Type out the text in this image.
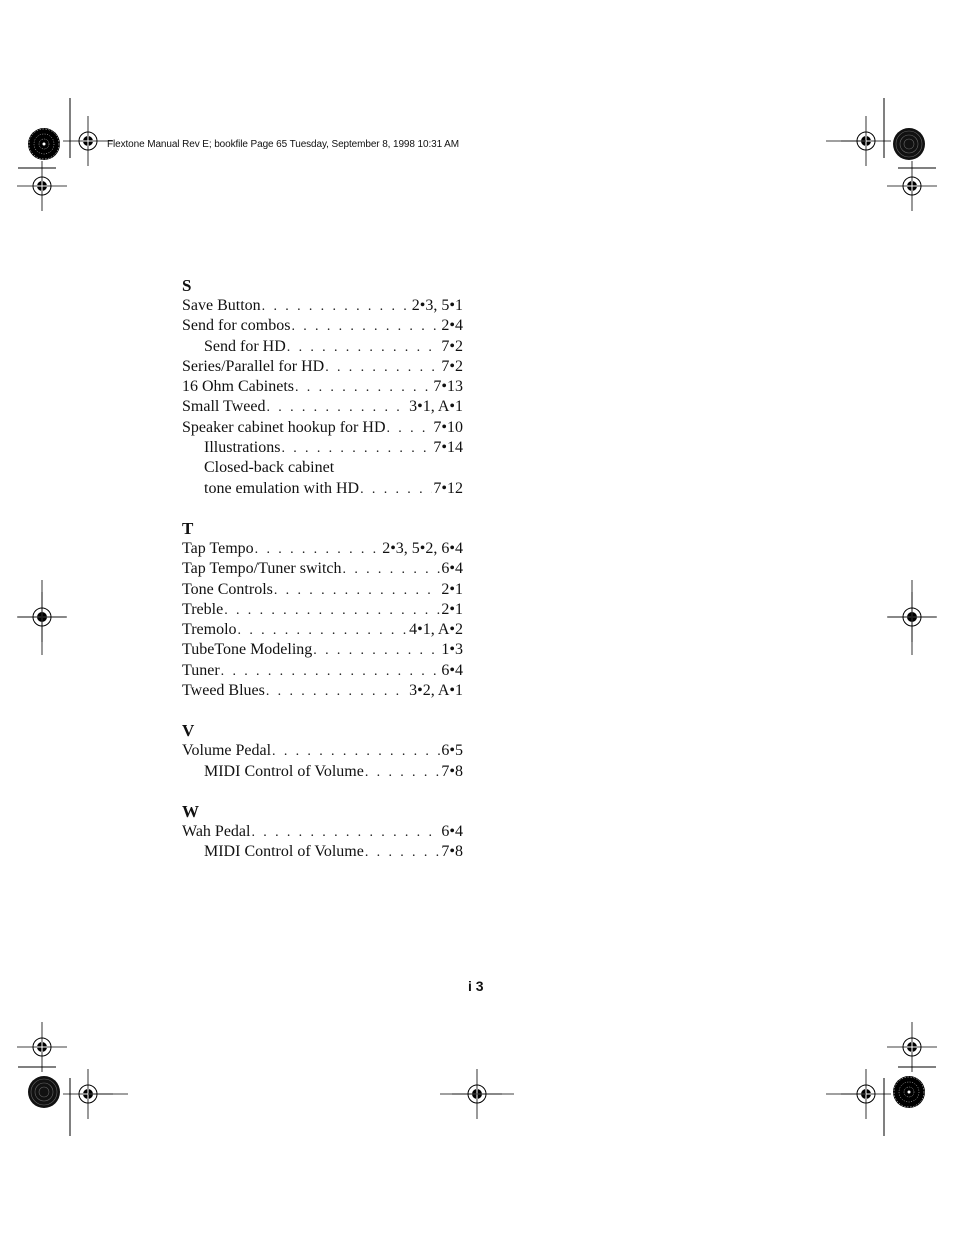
Flextone Manual Rev E; bookfile Page 65 Tuesday, September 8, 1998 10:31 AM
S
Save Button . . .	2•3, 5•1
Send for combos . . .	2•4
Send for HD . . .	7•2
Series/Parallel for HD . . .	7•2
16 Ohm Cabinets . . .	7•13
Small Tweed . . .	3•1, A•1
Speaker cabinet hookup for HD . . .	7•10
Illustrations . . .	7•14
Closed-back cabinet
tone emulation with HD . . .	7•12
T
Tap Tempo . . .	2•3, 5•2, 6•4
Tap Tempo/Tuner switch . . .	6•4
Tone Controls . . .	2•1
Treble . . .	2•1
Tremolo . . .	4•1, A•2
TubeTone Modeling . . .	1•3
Tuner . . .	6•4
Tweed Blues . . .	3•2, A•1
V
Volume Pedal . . .	6•5
MIDI Control of Volume . . .	7•8
W
Wah Pedal . . .	6•4
MIDI Control of Volume . . .	7•8
i 3
